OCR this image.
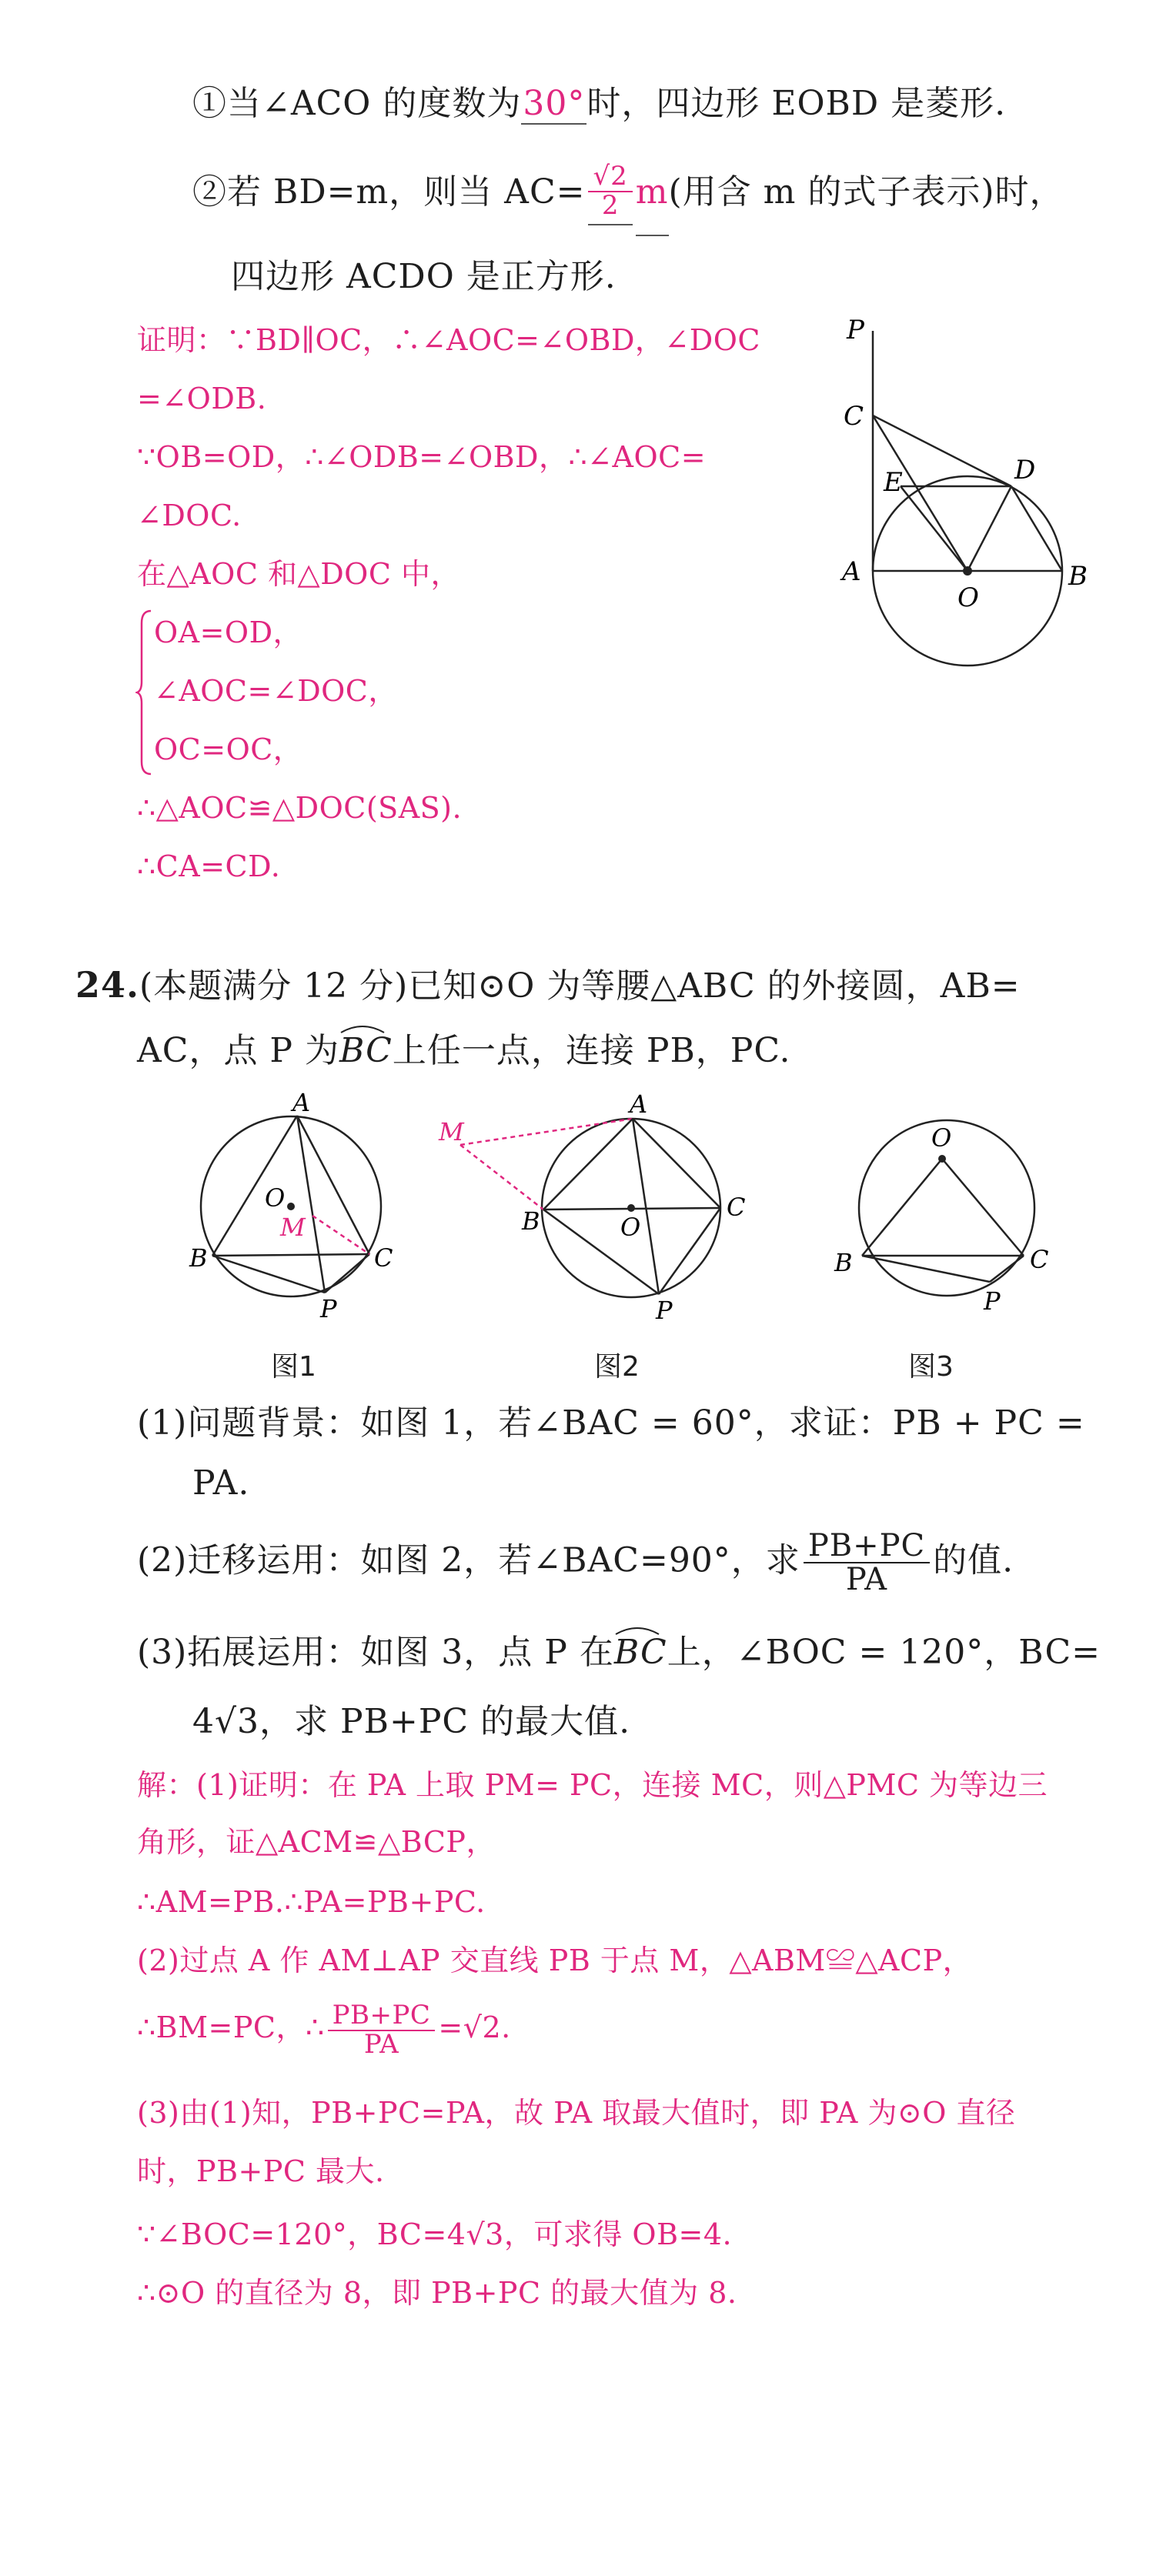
①当∠ACO 的度数为30°时，四边形 EOBD 是菱形.
②若 BD=m，则当 $AC= \frac{√2}{2} m$(用含 m 的式子表示)时，
四边形 ACDO 是正方形.
证明：∵BD∥OC，∴∠AOC=∠OBD，∠DOC
=∠ODB.
∵OB=OD，∴∠ODB=∠OBD，∴∠AOC=
∠DOC.
在△AOC 和△DOC 中，
OA=OD，
∠AOC=∠DOC，
OC=OC，
∴△AOC≌△DOC(SAS).
∴CA=CD.
P
C
E	D
A
O
B
24.(本题满分 12 分)已知⊙O 为等腰△ABC 的外接圆，AB=
AC，点 P 为
BC上任一点，连接 PB，PC.
A
O
M
B	C
P
M
A
B	O
C
P
O
B	C
P
图1	图2	图3
(1)问题背景：如图 1，若∠BAC = 60°，求证：PB + PC =
PA.
(2)迁移运用：如图 2，若∠BAC=90°，求 $\frac{PB+PC}{PA}$ 的值.
(3)拓展运用：如图 3，点 P 在
BC上，∠BOC = 120°，BC=
4√3，求 PB+PC 的最大值.
解：(1)证明：在 PA 上取 PM= PC，连接 MC，则△PMC 为等边三
角形，证△ACM≌△BCP，
∴AM=PB.∴PA=PB+PC.
(2)过点 A 作 AM⊥AP 交直线 PB 于点 M，△ABM≌△ACP，
∴BM=PC，∴ $\frac{PB+PC}{PA} =√2$.
(3)由(1)知，PB+PC=PA，故 PA 取最大值时，即 PA 为⊙O 直径
时，PB+PC 最大.
∵∠BOC=120°，BC=4√3，可求得 OB=4.
∴⊙O 的直径为 8，即 PB+PC 的最大值为 8.
